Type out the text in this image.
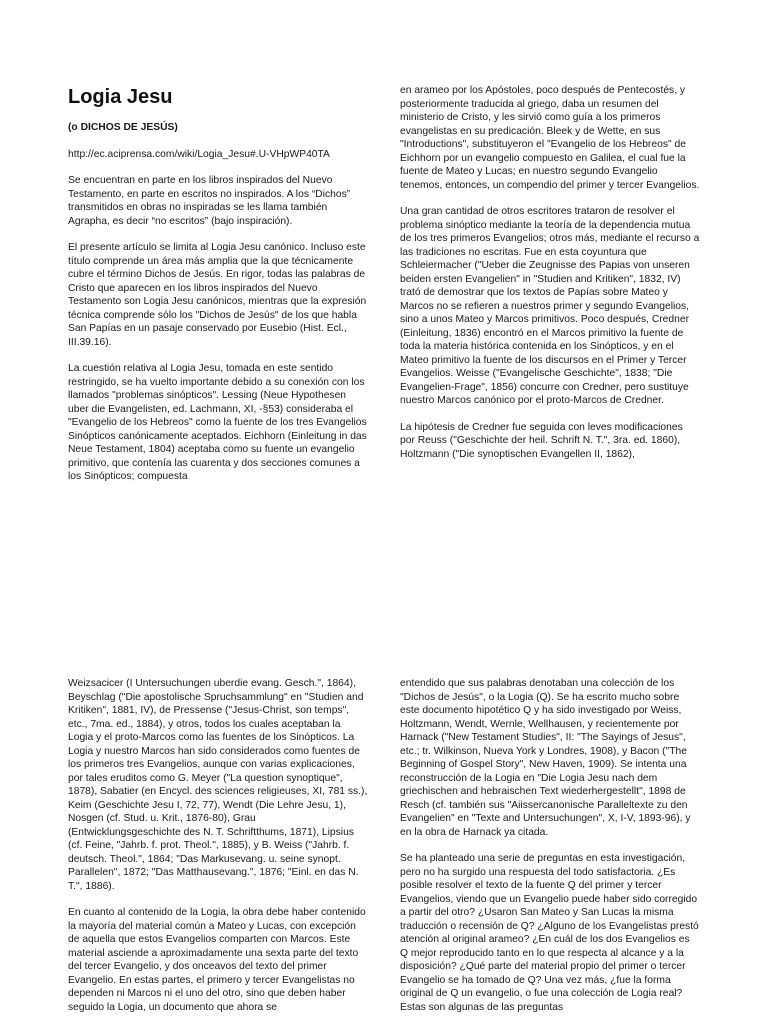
Logia Jesu

(o DICHOS DE JESÚS)

http://ec.aciprensa.com/wiki/Logia_Jesu#.U-VHpWP40TA

Se encuentran en parte en los libros inspirados del Nuevo Testamento, en parte en escritos no inspirados. A los “Dichos” transmitidos en obras no inspiradas se les llama también Agrapha, es decir “no escritos” (bajo inspiración).

El presente artículo se limita al Logia Jesu canónico. Incluso este título comprende un área más amplia que la que técnicamente cubre el término Dichos de Jesús. En rigor, todas las palabras de Cristo que aparecen en los libros inspirados del Nuevo Testamento son Logia Jesu canónicos, mientras que la expresión técnica comprende sólo los "Dichos de Jesús" de los que habla San Papías en un pasaje conservado por Eusebio (Hist. Ecl., III.39.16).

La cuestión relativa al Logia Jesu, tomada en este sentido restringido, se ha vuelto importante debido a su conexión con los llamados "problemas sinópticos". Lessing (Neue Hypothesen uber die Evangelisten, ed. Lachmann, XI, -§53) consideraba el "Evangelio de los Hebreos" como la fuente de los tres Evangelios Sinópticos canónicamente aceptados. Eichhorn (Einleitung in das Neue Testament, 1804) aceptaba como su fuente un evangelio primitivo, que contenía las cuarenta y dos secciones comunes a los Sinópticos; compuesta

en arameo por los Apóstoles, poco después de Pentecostés, y posteriormente traducida al griego, daba un resumen del ministerio de Cristo, y les sirvió como guía a los primeros evangelistas en su predicación. Bleek y de Wette, en sus "Introductions", substituyeron el "Evangelio de los Hebreos" de Eichhorn por un evangelio compuesto en Galilea, el cual fue la fuente de Mateo y Lucas; en nuestro segundo Evangelio tenemos, entonces, un compendio del primer y tercer Evangelios.

Una gran cantidad de otros escritores trataron de resolver el problema sinóptico mediante la teoría de la dependencia mutua de los tres primeros Evangelios; otros más, mediante el recurso a las tradiciones no escritas. Fue en esta coyuntura que Schleiermacher ("Ueber die Zeugnisse des Papias von unseren beiden ersten Evangelien" in "Studien and Kritiken", 1832, IV) trató de demostrar que los textos de Papías sobre Mateo y Marcos no se refieren a nuestros primer y segundo Evangelios, sino a unos Mateo y Marcos primitivos. Poco después, Credner (Einleitung, 1836) encontró en el Marcos primitivo la fuente de toda la materia histórica contenida en los Sinópticos, y en el Mateo primitivo la fuente de los discursos en el Primer y Tercer Evangelios. Weisse ("Evangelische Geschichte", 1838; "Die Evangelien-Frage", 1856) concurre con Credner, pero sustituye nuestro Marcos canónico por el proto-Marcos de Credner.

La hipótesis de Credner fue seguida con leves modificaciones por Reuss ("Geschichte der heil. Schrift N. T.", 3ra. ed. 1860), Holtzmann ("Die synoptischen Evangellen II, 1862),

Weizsacicer (I Untersuchungen uberdie evang. Gesch.", 1864), Beyschlag ("Die apostolische Spruchsammlung" en "Studien and Kritiken", 1881, IV), de Pressense ("Jesus-Christ, son temps", etc., 7ma. ed., 1884), y otros, todos los cuales aceptaban la Logia y el proto-Marcos como las fuentes de los Sinópticos. La Logia y nuestro Marcos han sido considerados como fuentes de los primeros tres Evangelios, aunque con varias explicaciones, por tales eruditos como G. Meyer ("La question synoptique", 1878), Sabatier (en Encycl. des sciences religieuses, XI, 781 ss.), Keim (Geschichte Jesu I, 72, 77), Wendt (Die Lehre Jesu, 1), Nosgen (cf. Stud. u. Krit., 1876-80), Grau (Entwicklungsgeschichte des N. T. Schriftthums, 1871), Lipsius (cf. Feine, "Jahrb. f. prot. Theol.", 1885), y B. Weiss ("Jahrb. f. deutsch. Theol.", 1864; "Das Markusevang. u. seine synopt. Parallelen", 1872; "Das Matthausevang.", 1876; "Einl. en das N. T.", 1886).

En cuanto al contenido de la Logia, la obra debe haber contenido la mayoría del material común a Mateo y Lucas, con excepción de aquella que estos Evangelios comparten con Marcos. Este material asciende a aproximadamente una sexta parte del texto del tercer Evangelio, y dos onceavos del texto del primer Evangelio. En estas partes, el primero y tercer Evangelistas no dependen ni Marcos ni el uno del otro, sino que deben haber seguido la Logia, un documento que ahora se

entendido que sus palabras denotaban una colección de los "Dichos de Jesús", o la Logia (Q). Se ha escrito mucho sobre este documento hipotético Q y ha sido investigado por Weiss, Holtzmann, Wendt, Wernle, Wellhausen, y recientemente por Harnack ("New Testament Studies", II: "The Sayings of Jesus", etc.; tr. Wilkinson, Nueva York y Londres, 1908), y Bacon ("The Beginning of Gospel Story", New Haven, 1909). Se intenta una reconstrucción de la Logia en "Die Logia Jesu nach dem griechischen and hebraischen Text wiederhergestellt", 1898 de Resch (cf. también sus "Aiissercanonische Paralleltexte zu den Evangelien" en "Texte and Untersuchungen", X, I-V, 1893-96), y en la obra de Harnack ya citada.

Se ha planteado una serie de preguntas en esta investigación, pero no ha surgido una respuesta del todo satisfactoria. ¿Es posible resolver el texto de la fuente Q del primer y tercer Evangelios, viendo que un Evangelio puede haber sido corregido a partir del otro? ¿Usaron San Mateo y San Lucas la misma traducción o recensión de Q? ¿Alguno de los Evangelistas prestó atención al original arameo? ¿En cuál de los dos Evangelios es Q mejor reproducido tanto en lo que respecta al alcance y a la disposición? ¿Qué parte del material propio del primer o tercer Evangelio se ha tomado de Q? Una vez más, ¿fue la forma original de Q un evangelio, o fue una colección de Logia real? Estas son algunas de las preguntas
